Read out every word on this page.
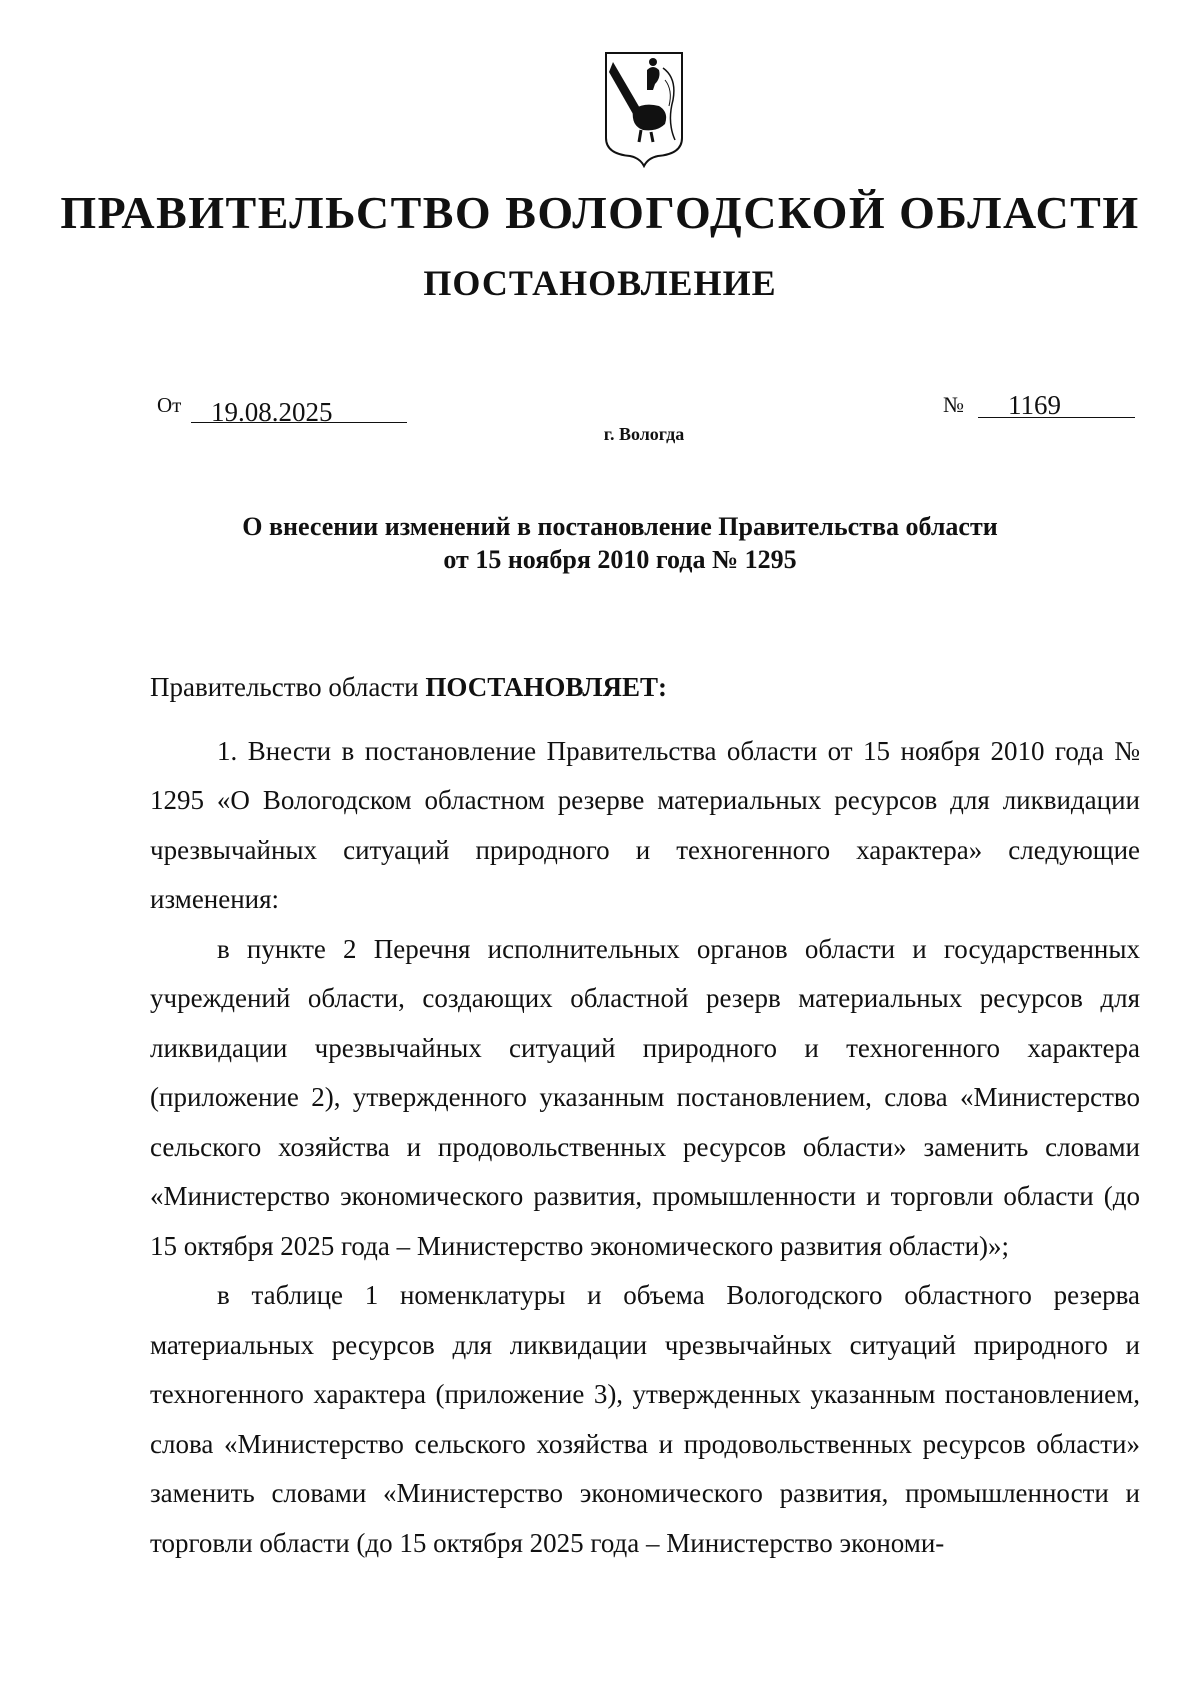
ПРАВИТЕЛЬСТВО ВОЛОГОДСКОЙ ОБЛАСТИ
ПОСТАНОВЛЕНИЕ
От	19.08.2025	№	1169
г. Вологда
О внесении изменений в постановление Правительства области
от 15 ноября 2010 года № 1295

Правительство области ПОСТАНОВЛЯЕТ:

1. Внести в постановление Правительства области от 15 ноября 2010 года № 1295 «О Вологодском областном резерве материальных ресурсов для ликвидации чрезвычайных ситуаций природного и техногенного характера» следующие изменения:

в пункте 2 Перечня исполнительных органов области и государственных учреждений области, создающих областной резерв материальных ресурсов для ликвидации чрезвычайных ситуаций природного и техногенного характера (приложение 2), утвержденного указанным постановлением, слова «Министерство сельского хозяйства и продовольственных ресурсов области» заменить словами «Министерство экономического развития, промышленности и торговли области (до 15 октября 2025 года – Министерство экономического развития области)»;

в таблице 1 номенклатуры и объема Вологодского областного резерва материальных ресурсов для ликвидации чрезвычайных ситуаций природного и техногенного характера (приложение 3), утвержденных указанным постановлением, слова «Министерство сельского хозяйства и продовольственных ресурсов области» заменить словами «Министерство экономического развития, промышленности и торговли области (до 15 октября 2025 года – Министерство экономи-
